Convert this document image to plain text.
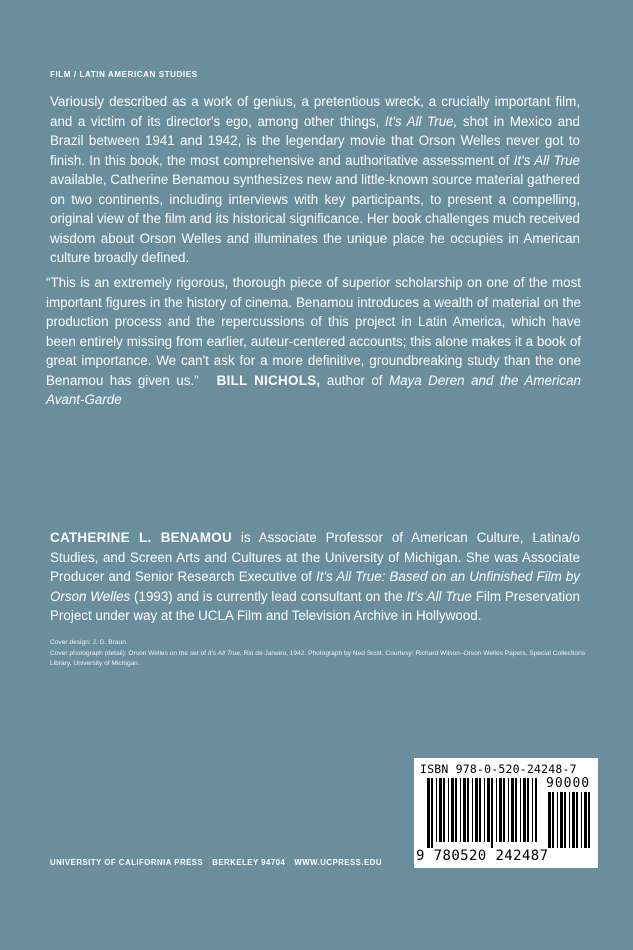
FILM / LATIN AMERICAN STUDIES
Variously described as a work of genius, a pretentious wreck, a crucially important film, and a victim of its director's ego, among other things, It's All True, shot in Mexico and Brazil between 1941 and 1942, is the legendary movie that Orson Welles never got to finish. In this book, the most comprehensive and authoritative assessment of It's All True available, Catherine Benamou synthesizes new and little-known source material gathered on two continents, including interviews with key participants, to present a compelling, original view of the film and its historical significance. Her book challenges much received wisdom about Orson Welles and illuminates the unique place he occupies in American culture broadly defined.
“This is an extremely rigorous, thorough piece of superior scholarship on one of the most important figures in the history of cinema. Benamou introduces a wealth of material on the production process and the repercussions of this project in Latin America, which have been entirely missing from earlier, auteur-centered accounts; this alone makes it a book of great importance. We can't ask for a more definitive, groundbreaking study than the one Benamou has given us.” BILL NICHOLS, author of Maya Deren and the American Avant-Garde
CATHERINE L. BENAMOU is Associate Professor of American Culture, Latina/o Studies, and Screen Arts and Cultures at the University of Michigan. She was Associate Producer and Senior Research Executive of It's All True: Based on an Unfinished Film by Orson Welles (1993) and is currently lead consultant on the It's All True Film Preservation Project under way at the UCLA Film and Television Archive in Hollywood.
Cover design: J. G. Braun.
Cover photograph (detail): Orson Welles on the set of It's All True, Rio de Janeiro, 1942. Photograph by Ned Scott. Courtesy: Richard Wilson–Orson Welles Papers, Special Collections Library, University of Michigan.
UNIVERSITY OF CALIFORNIA PRESS BERKELEY 94704 WWW.UCPRESS.EDU
ISBN 978-0-520-24248-7
90000
9 780520 242487
